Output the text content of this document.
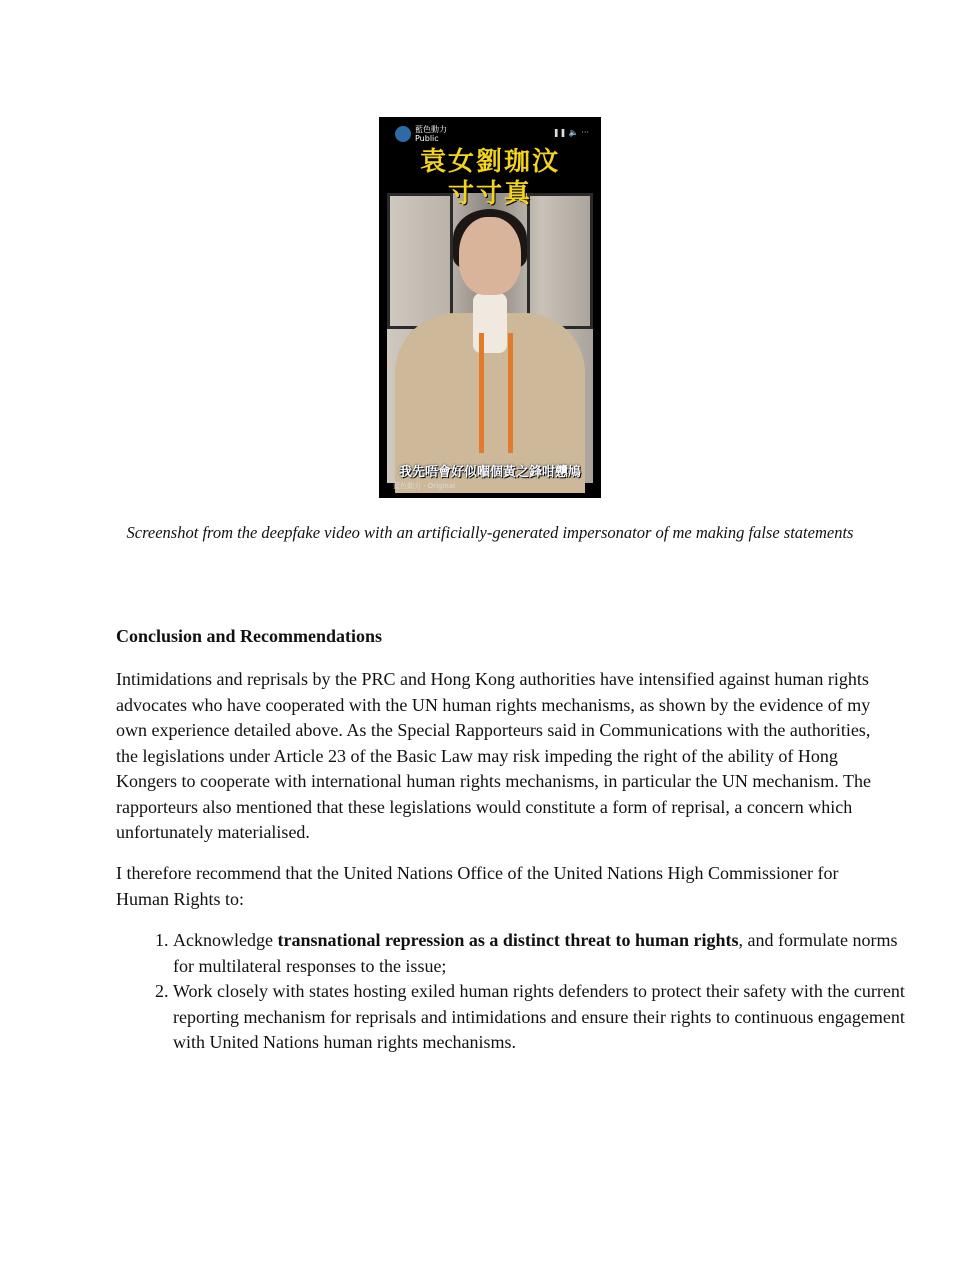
藍色動力
Public
❚❚ 🔈 ···
袁女劉珈汶
寸寸真
我先唔會好似嗰個黃之鋒咁戇鳩
藍色動力 · Original
Screenshot from the deepfake video with an artificially-generated impersonator of me making false statements
Conclusion and Recommendations
Intimidations and reprisals by the PRC and Hong Kong authorities have intensified against human rights advocates who have cooperated with the UN human rights mechanisms, as shown by the evidence of my own experience detailed above. As the Special Rapporteurs said in Communications with the authorities, the legislations under Article 23 of the Basic Law may risk impeding the right of the ability of Hong Kongers to cooperate with international human rights mechanisms, in particular the UN mechanism. The rapporteurs also mentioned that these legislations would constitute a form of reprisal, a concern which unfortunately materialised.
I therefore recommend that the United Nations Office of the United Nations High Commissioner for Human Rights to:
1. Acknowledge transnational repression as a distinct threat to human rights, and formulate norms for multilateral responses to the issue;
2. Work closely with states hosting exiled human rights defenders to protect their safety with the current reporting mechanism for reprisals and intimidations and ensure their rights to continuous engagement with United Nations human rights mechanisms.
